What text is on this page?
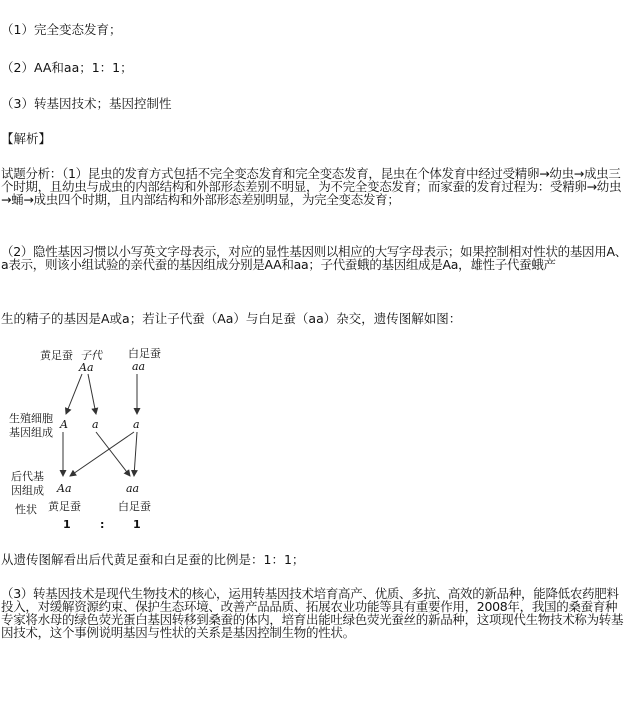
（1）完全变态发育；
（2）AA和aa；1：1；
（3）转基因技术；基因控制性
【解析】
试题分析：（1）昆虫的发育方式包括不完全变态发育和完全变态发育，昆虫在个体发育中经过受精卵→幼虫→成虫三个时期，且幼虫与成虫的内部结构和外部形态差别不明显，为不完全变态发育；而家蚕的发育过程为：受精卵→幼虫→蛹→成虫四个时期，且内部结构和外部形态差别明显，为完全变态发育；
（2）隐性基因习惯以小写英文字母表示，对应的显性基因则以相应的大写字母表示；如果控制相对性状的基因用A、a表示，则该小组试验的亲代蚕的基因组成分别是AA和aa；子代蚕蛾的基因组成是Aa，雄性子代蚕蛾产
生的精子的基因是A或a；若让子代蚕（Aa）与白足蚕（aa）杂交，遗传图解如图：
黄足蚕 子代
Aa
白足蚕
aa
生殖细胞
基因组成
A a	a
后代基
因组成 Aa	aa
性状 黄足蚕	白足蚕
1	:	1
从遗传图解看出后代黄足蚕和白足蚕的比例是：1：1；
（3）转基因技术是现代生物技术的核心，运用转基因技术培育高产、优质、多抗、高效的新品种，能降低农药肥料投入，对缓解资源约束、保护生态环境、改善产品品质、拓展农业功能等具有重要作用，2008年，我国的桑蚕育种专家将水母的绿色荧光蛋白基因转移到桑蚕的体内，培育出能吐绿色荧光蚕丝的新品种，这项现代生物技术称为转基因技术，这个事例说明基因与性状的关系是基因控制生物的性状。
